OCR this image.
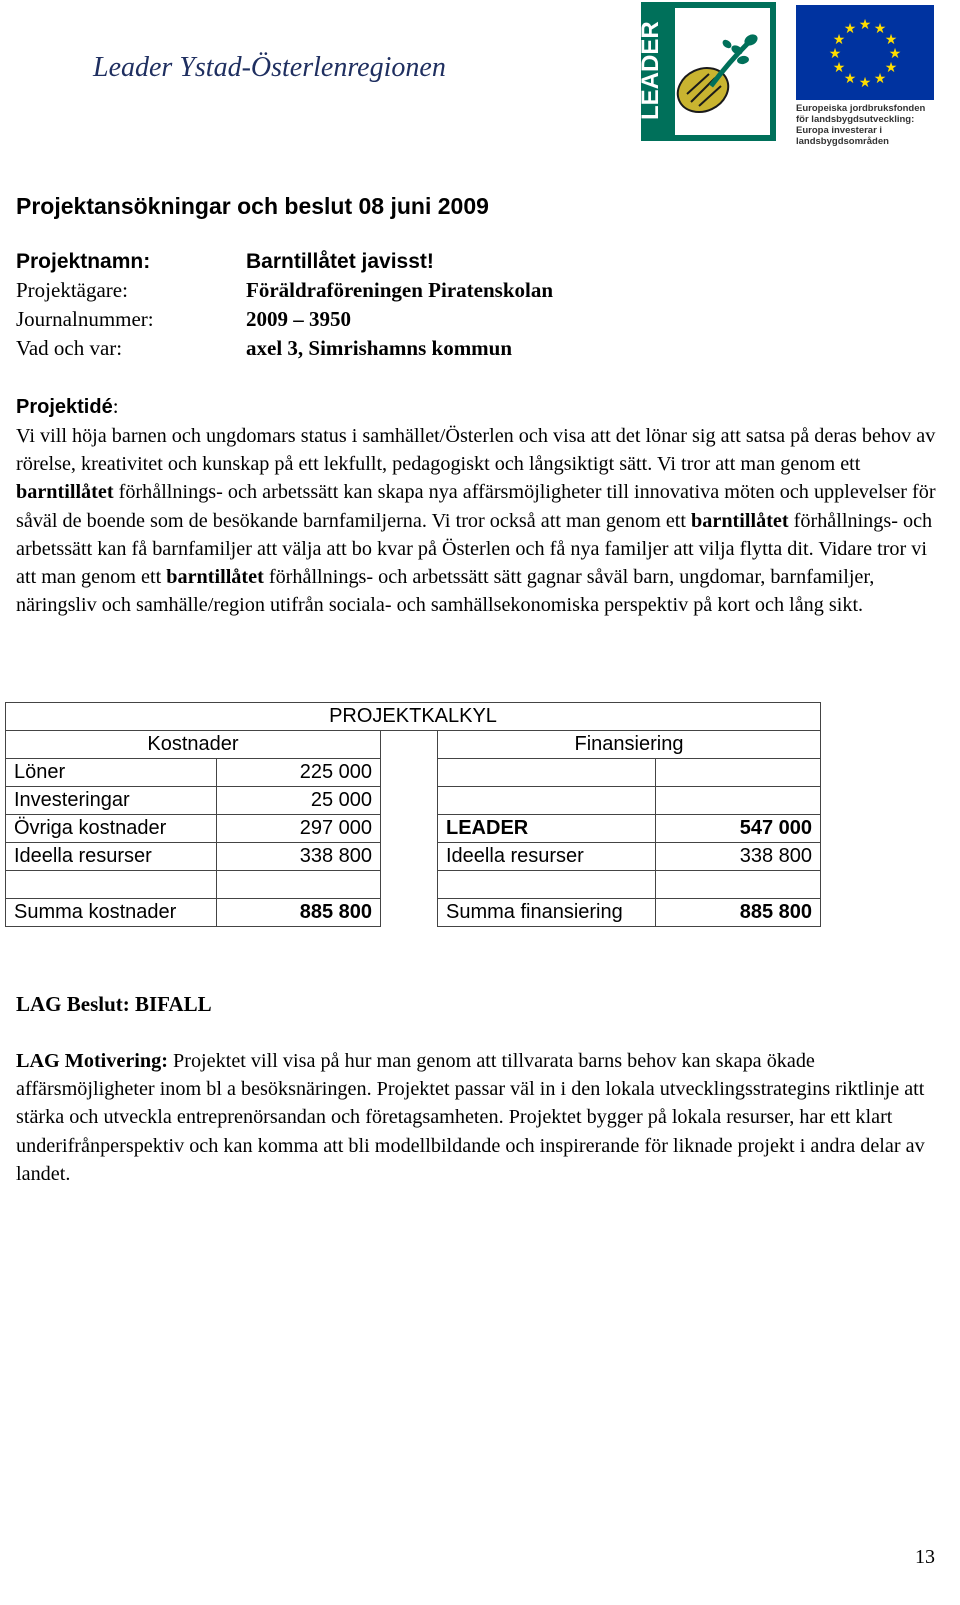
Leader Ystad-Österlenregionen	LEADER	★ ★
★
★
★
★
★
★
★
★
★
★
Europeiska jordbruksfonden för landsbygdsutveckling: Europa investerar i landsbygdsområden
Projektansökningar och beslut 08 juni 2009
Projektnamn:	Barntillåtet javisst!
Projektägare:	Föräldraföreningen Piratenskolan
Journalnummer:	2009 – 3950
Vad och var:	axel 3, Simrishamns kommun
Projektidé:
Vi vill höja barnen och ungdomars status i samhället/Österlen och visa att det lönar sig att satsa på deras behov av rörelse, kreativitet och kunskap på ett lekfullt, pedagogiskt och långsiktigt sätt. Vi tror att man genom ett barntillåtet förhållnings- och arbetssätt kan skapa nya affärsmöjligheter till innovativa möten och upplevelser för såväl de boende som de besökande barnfamiljerna. Vi tror också att man genom ett barntillåtet förhållnings- och arbetssätt kan få barnfamiljer att välja att bo kvar på Österlen och få nya familjer att vilja flytta dit. Vidare tror vi att man genom ett barntillåtet förhållnings- och arbetssätt sätt gagnar såväl barn, ungdomar, barnfamiljer, näringsliv och samhälle/region utifrån sociala- och samhällsekonomiska perspektiv på kort och lång sikt.
PROJEKTKALKYL				
Kostnader			Finansiering	
Löner	225 000			
Investeringar	25 000			
Övriga kostnader	297 000		LEADER	547 000
Ideella resurser	338 800		Ideella resurser	338 800

Summa kostnader	885 800		Summa finansiering	885 800
LAG Beslut: BIFALL
LAG Motivering: Projektet vill visa på hur man genom att tillvarata barns behov kan skapa ökade affärsmöjligheter inom bl a besöksnäringen. Projektet passar väl in i den lokala utvecklingsstrategins riktlinje att stärka och utveckla entreprenörsandan och företagsamheten. Projektet bygger på lokala resurser, har ett klart underifrånperspektiv och kan komma att bli modellbildande och inspirerande för liknade projekt i andra delar av landet.
13
